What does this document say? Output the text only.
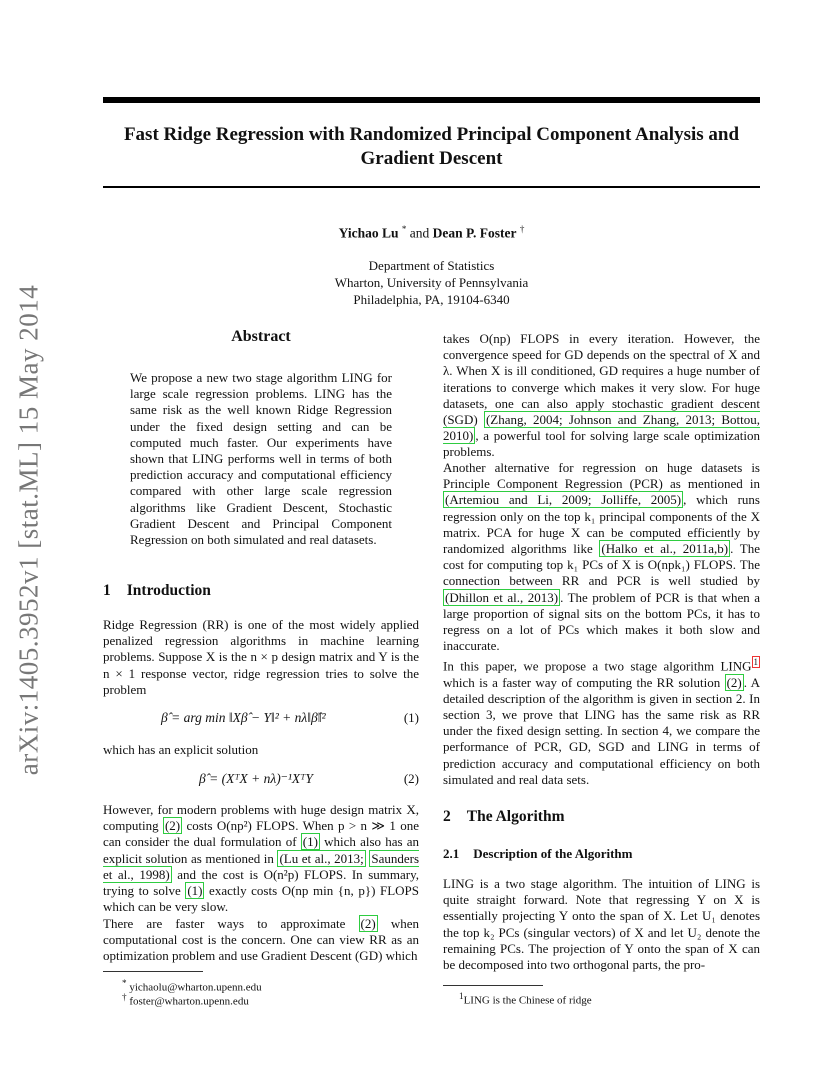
Fast Ridge Regression with Randomized Principal Component Analysis and Gradient Descent
Yichao Lu * and Dean P. Foster †
Department of Statistics
Wharton, University of Pennsylvania
Philadelphia, PA, 19104-6340
arXiv:1405.3952v1 [stat.ML] 15 May 2014	Abstract
We propose a new two stage algorithm LING for large scale regression problems. LING has the same risk as the well known Ridge Regression under the fixed design setting and can be computed much faster. Our experiments have shown that LING performs well in terms of both prediction accuracy and computational efficiency compared with other large scale regression algorithms like Gradient Descent, Stochastic Gradient Descent and Principal Component Regression on both simulated and real datasets.
1 Introduction
Ridge Regression (RR) is one of the most widely applied penalized regression algorithms in machine learning problems. Suppose X is the n × p design matrix and Y is the n × 1 response vector, ridge regression tries to solve the problem
β̂ = arg min ‖Xβ̂ − Y‖² + nλ‖β̂‖²	(1)
which has an explicit solution
β̂ = (XᵀX + nλ)⁻¹XᵀY	(2)
However, for modern problems with huge design matrix X, computing (2) costs O(np²) FLOPS. When p > n ≫ 1 one can consider the dual formulation of (1) which also has an explicit solution as mentioned in (Lu et al., 2013; Saunders et al., 1998) and the cost is O(n²p) FLOPS. In summary, trying to solve (1) exactly costs O(np min {n, p}) FLOPS which can be very slow.
There are faster ways to approximate (2) when computational cost is the concern. One can view RR as an optimization problem and use Gradient Descent (GD) which
* yichaolu@wharton.upenn.edu
† foster@wharton.upenn.edu
takes O(np) FLOPS in every iteration. However, the convergence speed for GD depends on the spectral of X and λ. When X is ill conditioned, GD requires a huge number of iterations to converge which makes it very slow. For huge datasets, one can also apply stochastic gradient descent (SGD) (Zhang, 2004; Johnson and Zhang, 2013; Bottou, 2010) , a powerful tool for solving large scale optimization problems.
Another alternative for regression on huge datasets is Principle Component Regression (PCR) as mentioned in (Artemiou and Li, 2009; Jolliffe, 2005) , which runs regression only on the top k₁ principal components of the X matrix. PCA for huge X can be computed efficiently by randomized algorithms like (Halko et al., 2011a,b) . The cost for computing top k₁ PCs of X is O(npk₁) FLOPS. The connection between RR and PCR is well studied by (Dhillon et al., 2013) . The problem of PCR is that when a large proportion of signal sits on the bottom PCs, it has to regress on a lot of PCs which makes it both slow and inaccurate.
In this paper, we propose a two stage algorithm LING $^1$ which is a faster way of computing the RR solution (2) . A detailed description of the algorithm is given in section 2. In section 3, we prove that LING has the same risk as RR under the fixed design setting. In section 4, we compare the performance of PCR, GD, SGD and LING in terms of prediction accuracy and computational efficiency on both simulated and real data sets.
2 The Algorithm
2.1 Description of the Algorithm
LING is a two stage algorithm. The intuition of LING is quite straight forward. Note that regressing Y on X is essentially projecting Y onto the span of X. Let U₁ denotes the top k₂ PCs (singular vectors) of X and let U₂ denote the remaining PCs. The projection of Y onto the span of X can be decomposed into two orthogonal parts, the pro-
$^1$LING is the Chinese of ridge
